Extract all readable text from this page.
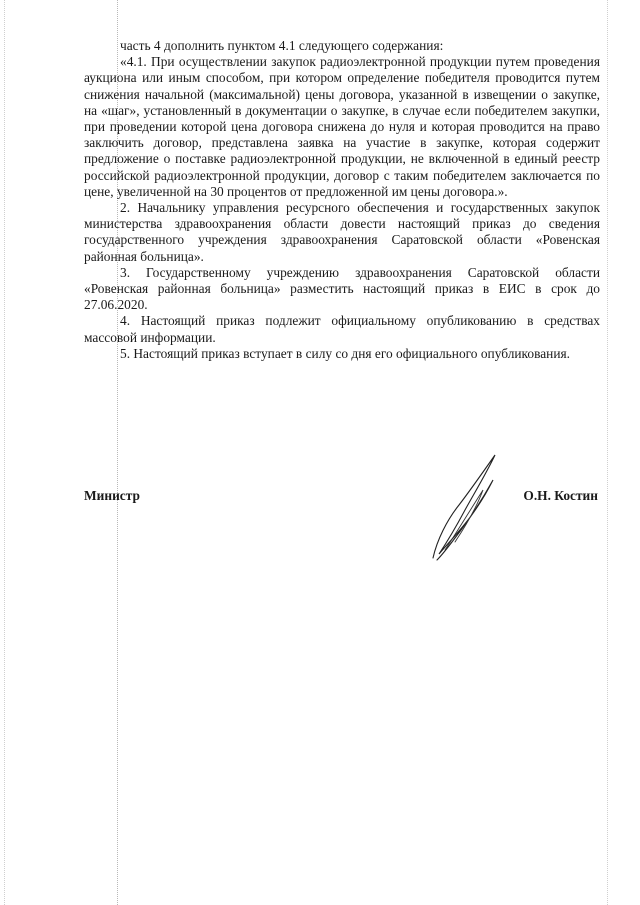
часть 4 дополнить пунктом 4.1 следующего содержания:

«4.1. При осуществлении закупок радиоэлектронной продукции путем проведения аукциона или иным способом, при котором определение победителя проводится путем снижения начальной (максимальной) цены договора, указанной в извещении о закупке, на «шаг», установленный в документации о закупке, в случае если победителем закупки, при проведении которой цена договора снижена до нуля и которая проводится на право заключить договор, представлена заявка на участие в закупке, которая содержит предложение о поставке радиоэлектронной продукции, не включенной в единый реестр российской радиоэлектронной продукции, договор с таким победителем заключается по цене, увеличенной на 30 процентов от предложенной им цены договора.».

2. Начальнику управления ресурсного обеспечения и государственных закупок министерства здравоохранения области довести настоящий приказ до сведения государственного учреждения здравоохранения Саратовской области «Ровенская районная больница».

3. Государственному учреждению здравоохранения Саратовской области «Ровенская районная больница» разместить настоящий приказ в ЕИС в срок до 27.06.2020.

4. Настоящий приказ подлежит официальному опубликованию в средствах массовой информации.

5. Настоящий приказ вступает в силу со дня его официального опубликования.

Министр	О.Н. Костин
